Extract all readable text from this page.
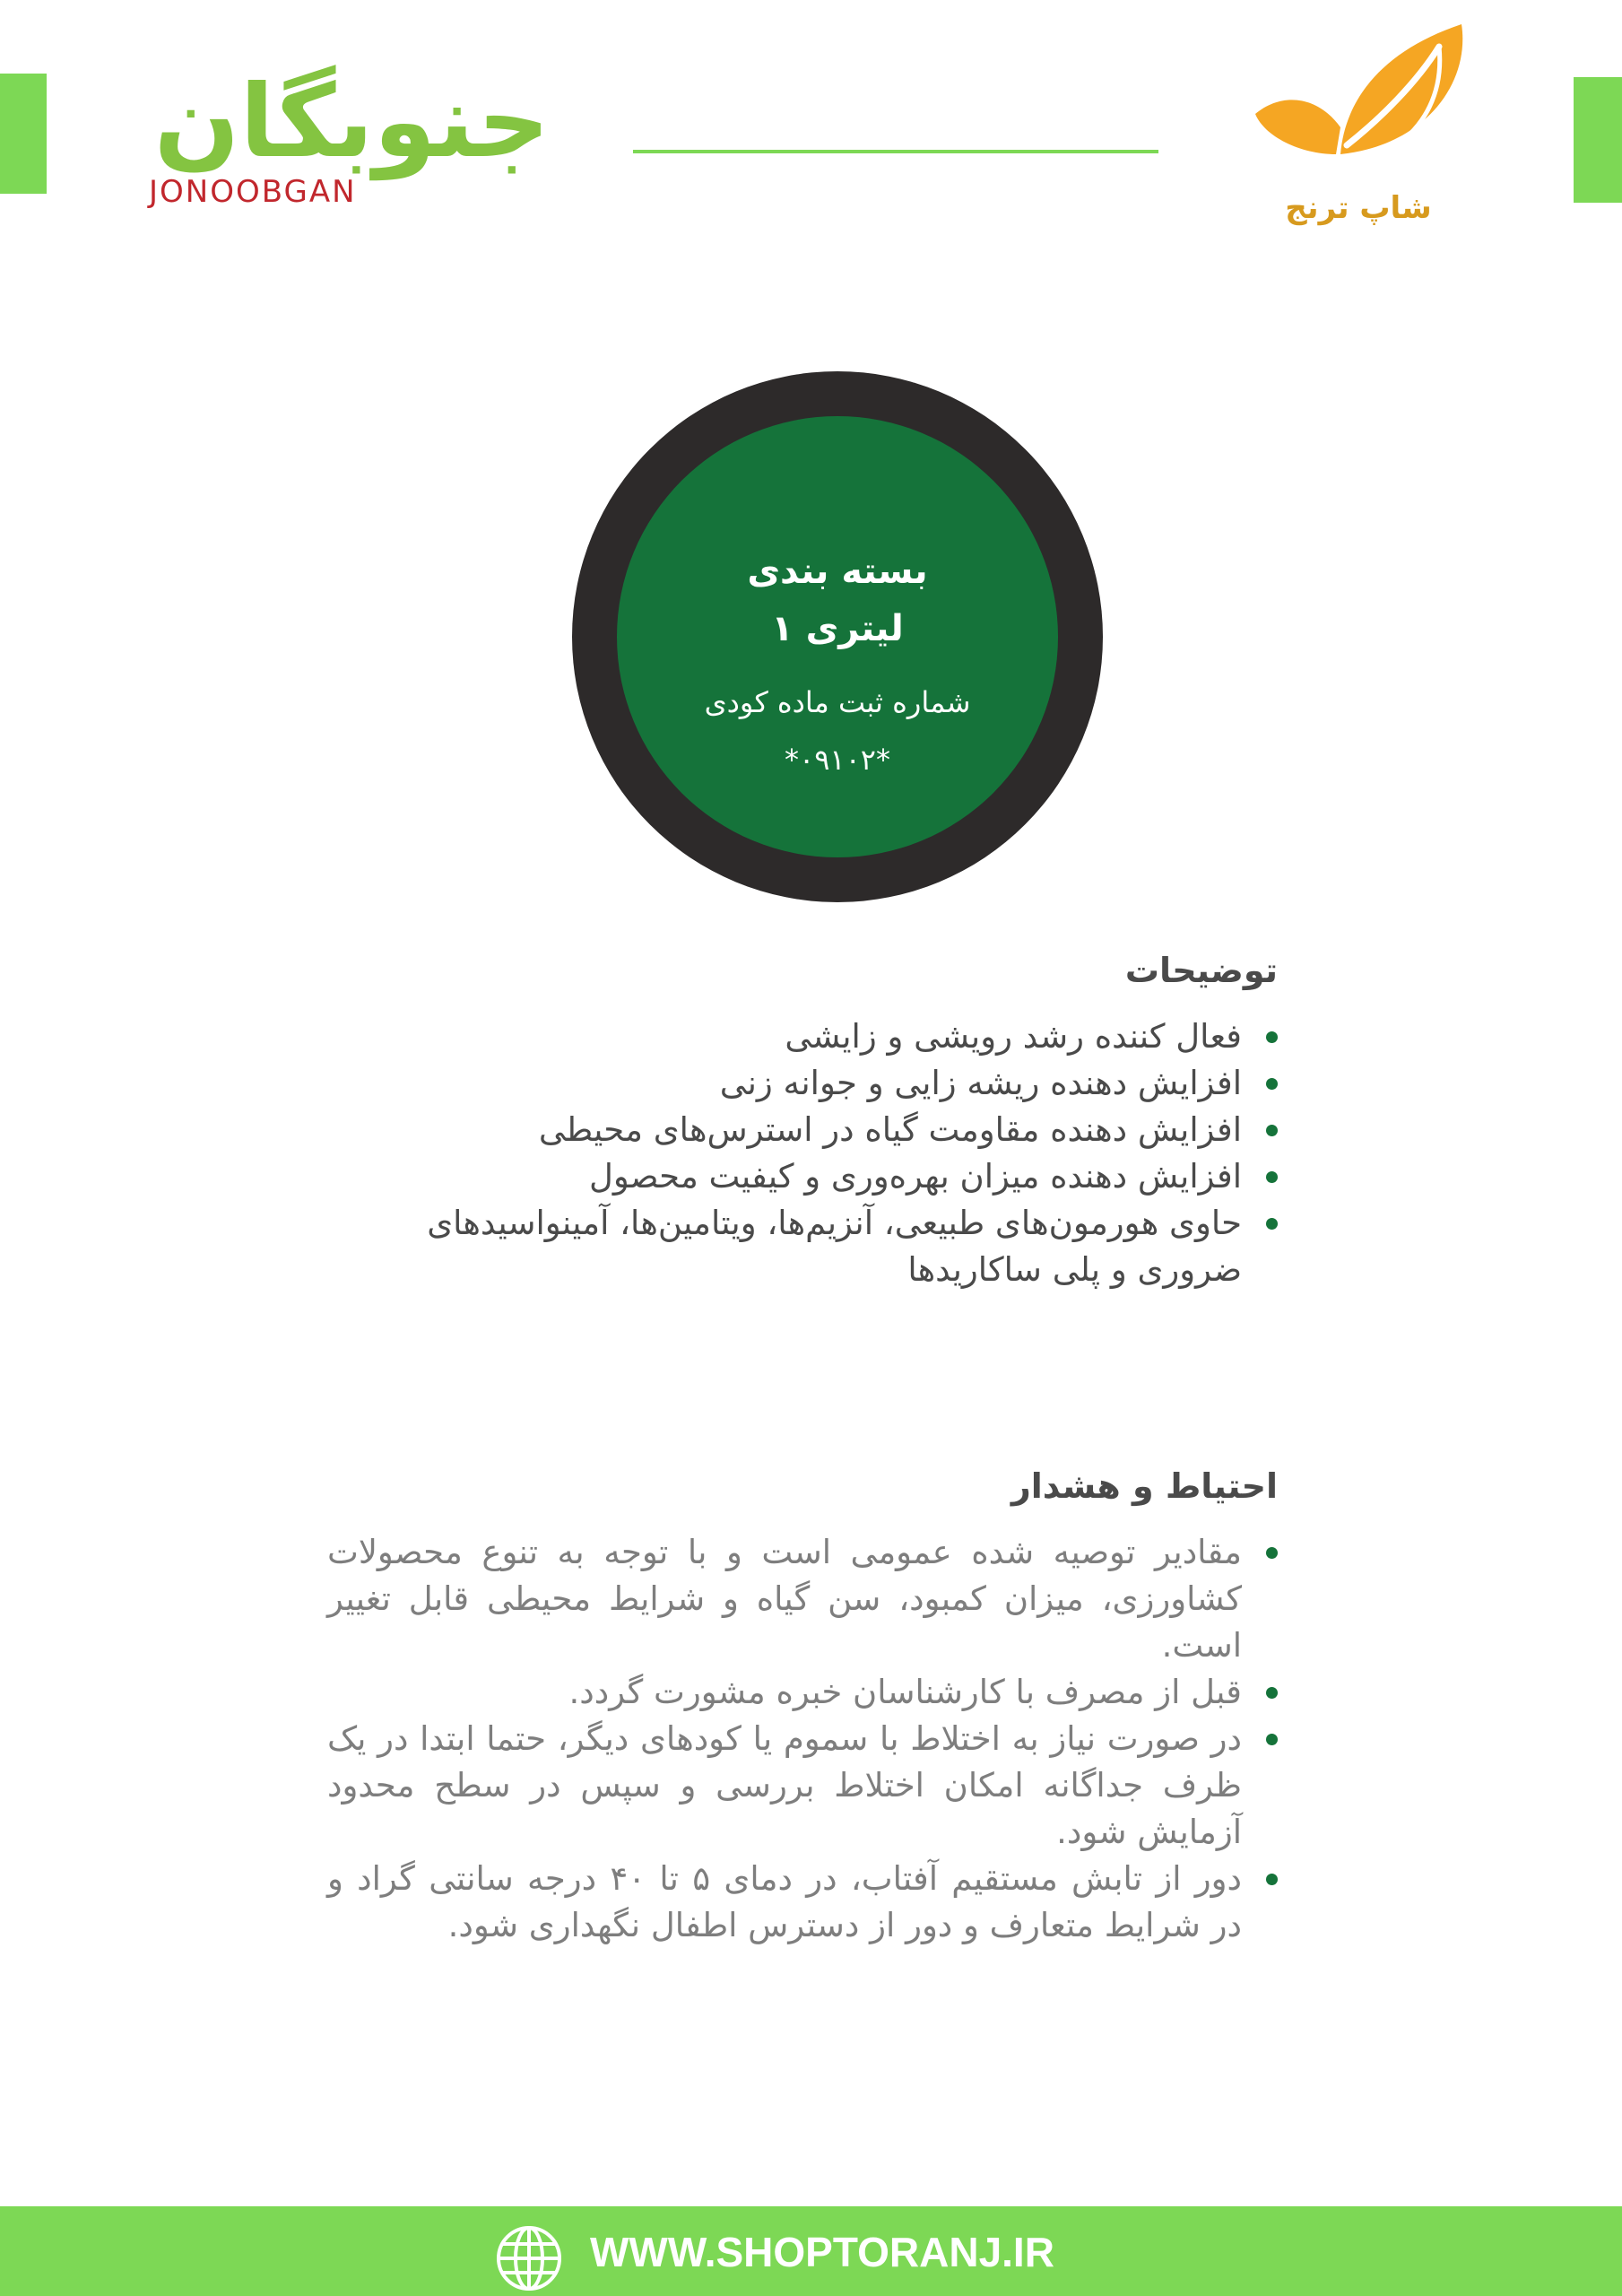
جنوبگان
JONOOBGAN	شاپ ترنج
بسته بندی
۱ لیتری
شماره ثبت ماده کودی
*۰۹۱۰۲*
توضیحات
فعال کننده رشد رویشی و زایشی
افزایش دهنده ریشه زایی و جوانه زنی
افزایش دهنده مقاومت گیاه در استرس‌های محیطی
افزایش دهنده میزان بهره‌وری و کیفیت محصول
حاوی هورمون‌های طبیعی، آنزیم‌ها، ویتامین‌ها، آمینواسیدهای ضروری و پلی ساکاریدها
احتیاط و هشدار
مقادیر توصیه شده عمومی است و با توجه به تنوع محصولات کشاورزی، میزان کمبود، سن گیاه و شرایط محیطی قابل تغییر است.
قبل از مصرف با کارشناسان خبره مشورت گردد.
در صورت نیاز به اختلاط با سموم یا کودهای دیگر، حتما ابتدا در یک ظرف جداگانه امکان اختلاط بررسی و سپس در سطح محدود آزمایش شود.
دور از تابش مستقیم آفتاب، در دمای ۵ تا ۴۰ درجه سانتی گراد و در شرایط متعارف و دور از دسترس اطفال نگهداری شود.
WWW.SHOPTORANJ.IR
